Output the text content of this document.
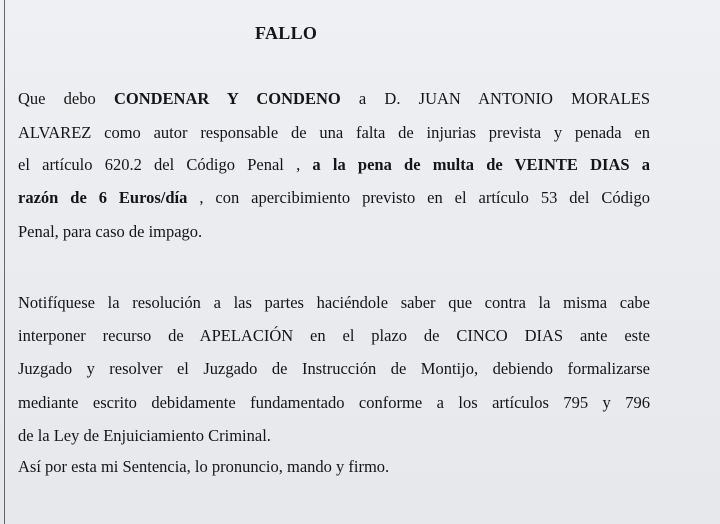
FALLO
Que debo CONDENAR Y CONDENO a D. JUAN ANTONIO MORALES
ALVAREZ como autor responsable de una falta de injurias prevista y penada en
el artículo 620.2 del Código Penal , a la pena de multa de VEINTE DIAS a
razón de 6 Euros/día , con apercibimiento previsto en el artículo 53 del Código
Penal, para caso de impago.
Notifíquese la resolución a las partes haciéndole saber que contra la misma cabe
interponer recurso de APELACIÓN en el plazo de CINCO DIAS ante este
Juzgado y resolver el Juzgado de Instrucción de Montijo, debiendo formalizarse
mediante escrito debidamente fundamentado conforme a los artículos 795 y 796
de la Ley de Enjuiciamiento Criminal.
Así por esta mi Sentencia, lo pronuncio, mando y firmo.
